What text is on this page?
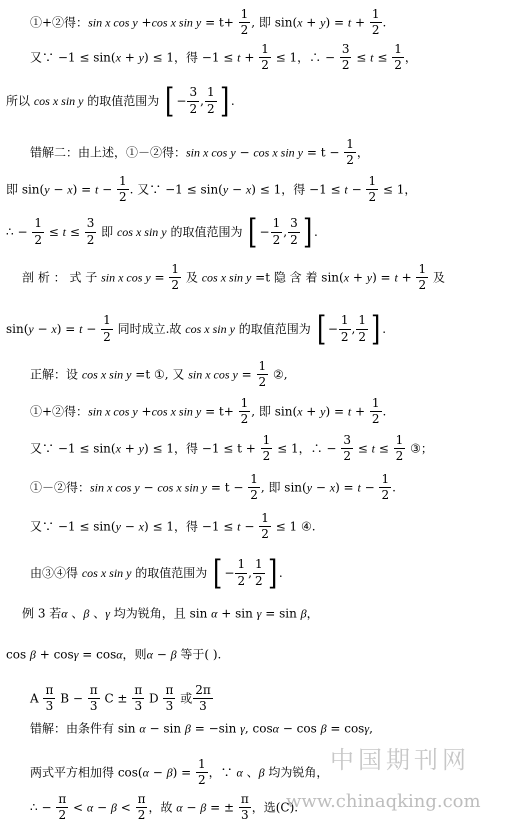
①+②得：sin x cos y +cos x $\sin y = t+ \frac{1}{2}$ , 即 $\sin(x + y) = t + \frac{1}{2}$ .
又∵ −1 ≤ sin(x + y) ≤ 1，得 $-1 \le t + \frac{1}{2} \le 1$，∴ − $\frac{3}{2} \le t \le \frac{1}{2}$ ，
所以 cos x sin y 的取值范围为 [ − $\frac{3}{2}$ , $\frac{1}{2}$ ] .
错解二：由上述，①－②得：sin x cos y − cos x $\sin y = t - \frac{1}{2}$ ，
即 $\sin(y - x) = t - \frac{1}{2}$ . 又∵ −1 ≤ sin(y − x) ≤ 1，得 $-1 \le t - \frac{1}{2} \le 1$，
∴ − $\frac{1}{2} \le t \le \frac{3}{2}$ 即 cos x sin y 的取值范围为 [ − $\frac{1}{2}$ , $\frac{3}{2}$ ] .
剖 析 ： 式 子 sin x $\cos y = \frac{1}{2}$ 及 cos x sin y =t 隐 含 着 $\sin(x + y) = t + \frac{1}{2}$ 及
$\sin(y - x) = t - \frac{1}{2}$ 同时成立.故 cos x sin y 的取值范围为 [ − $\frac{1}{2}$ , $\frac{1}{2}$ ] .
正解：设 cos x sin y =t ①, 又 sin x $\cos y = \frac{1}{2}$ ②,
①+②得：sin x cos y +cos x $\sin y = t+ \frac{1}{2}$ , 即 $\sin(x + y) = t + \frac{1}{2}$ .
又∵ −1 ≤ sin(x + y) ≤ 1，得 $-1 \le t + \frac{1}{2} \le 1$，∴ − $\frac{3}{2} \le t \le \frac{1}{2}$ ③；
①－②得：sin x cos y − cos x $\sin y = t - \frac{1}{2}$ , 即 $\sin(y - x) = t - \frac{1}{2}$ .
又∵ −1 ≤ sin(y − x) ≤ 1，得 $-1 \le t - \frac{1}{2} \le 1$ ④.
由③④得 cos x sin y 的取值范围为 [ − $\frac{1}{2}$ , $\frac{1}{2}$ ] .
例 3 若α 、β 、γ 均为锐角，且 sin α + sin γ = sin β，
cos β + cosγ = cosα，则α − β 等于( ).
A $\frac{\pi}{3}$ $B - \frac{\pi}{3}$ $C \pm \frac{\pi}{3}$ D $\frac{\pi}{3}$ 或 $\frac{2\pi}{3}$
错解：由条件有 sin α − sin β = −sin γ, cosα − cos β = cosγ,
两式平方相加得 $\cos(\alpha - \beta) = \frac{1}{2}$ ，∵ α 、β 均为锐角，
∴ − $\frac{\pi}{2} < \alpha - \beta < \frac{\pi}{2}$ ，故 α − β = ± $\frac{\pi}{3}$ ，选(C).
中国期刊网
www.chinaqking.com
